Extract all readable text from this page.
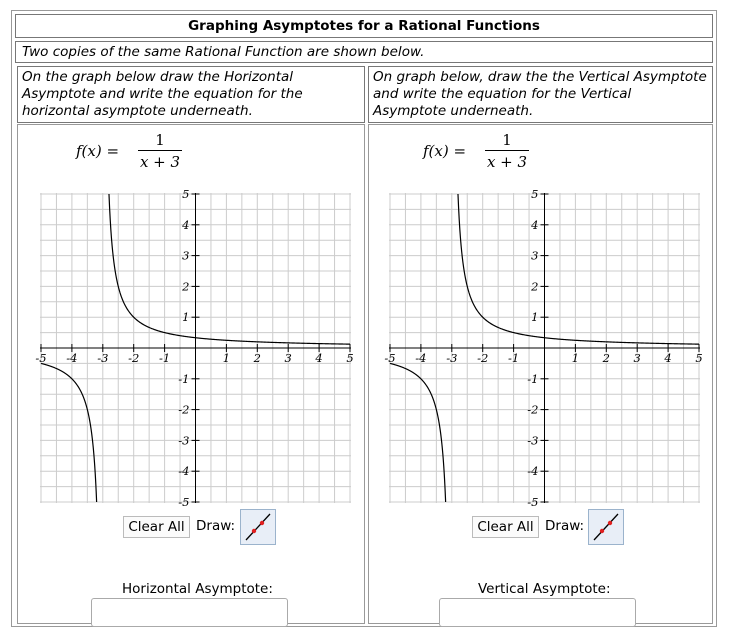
Graphing Asymptotes for a Rational Functions
Two copies of the same Rational Function are shown below.
On the graph below draw the Horizontal Asymptote and write the equation for the horizontal asymptote underneath.
f(x) =
1
x + 3
-5 -4 -3 -2 -1	1 2 3 4 5
5
4
3
2
1
-1
-2
-3
-4
-5
Clear All Draw:
Horizontal Asymptote:
On graph below, draw the the Vertical Asymptote and write the equation for the Vertical Asymptote underneath.
f(x) =
1
x + 3
-5 -4 -3 -2 -1	1 2 3 4 5
5
4
3
2
1
-1
-2
-3
-4
-5
Clear All Draw:
Vertical Asymptote:
